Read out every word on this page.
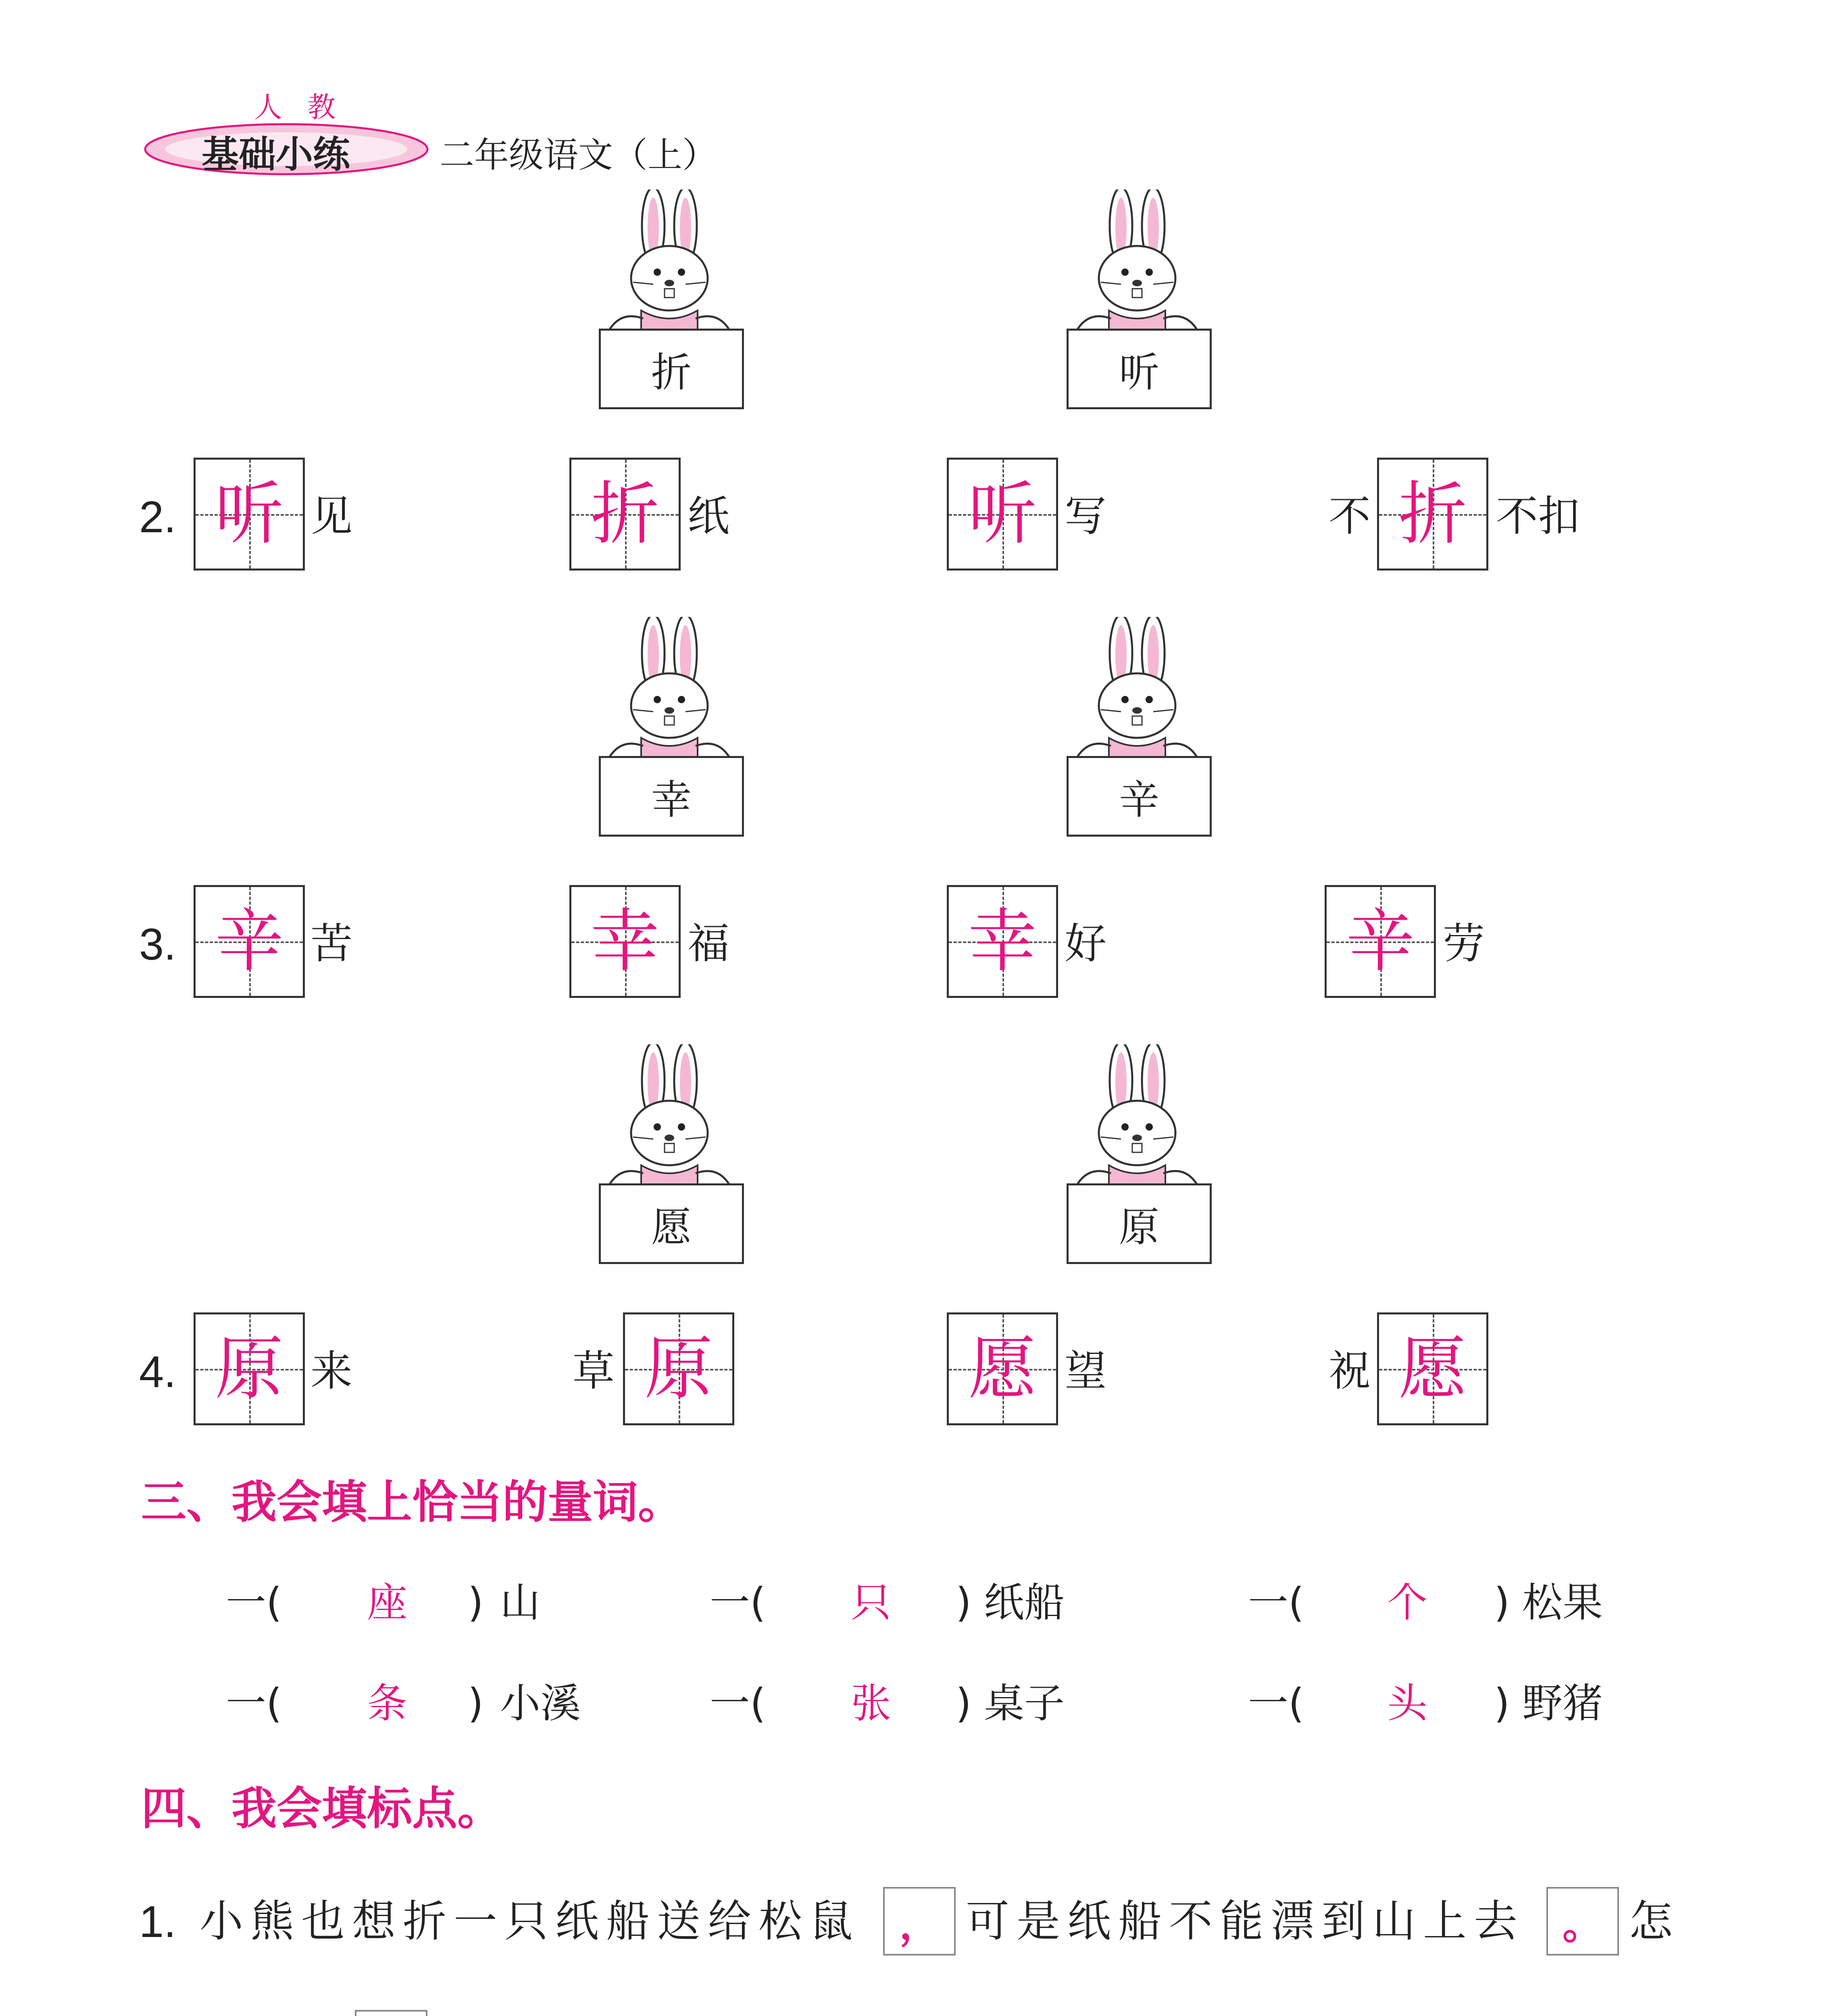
人 教
基础小练	二年级语文（上）
折	听
2. 听 见	折 纸	听 写	不 折 不扣
幸	辛
3. 辛 苦	幸 福	幸 好	辛 劳
愿	原
4. 原 来	草 原	愿 望	祝 愿
三、我会填上恰当的量词。
一(	座	) 山	一(	只	) 纸船	一(	个	) 松果
一(	条	) 小溪	一(	张	) 桌子	一(	头	) 野猪
四、我会填标点。
1. 小熊也想折一只纸船送给松鼠 ， 可是纸船不能漂到山上去 。 怎
